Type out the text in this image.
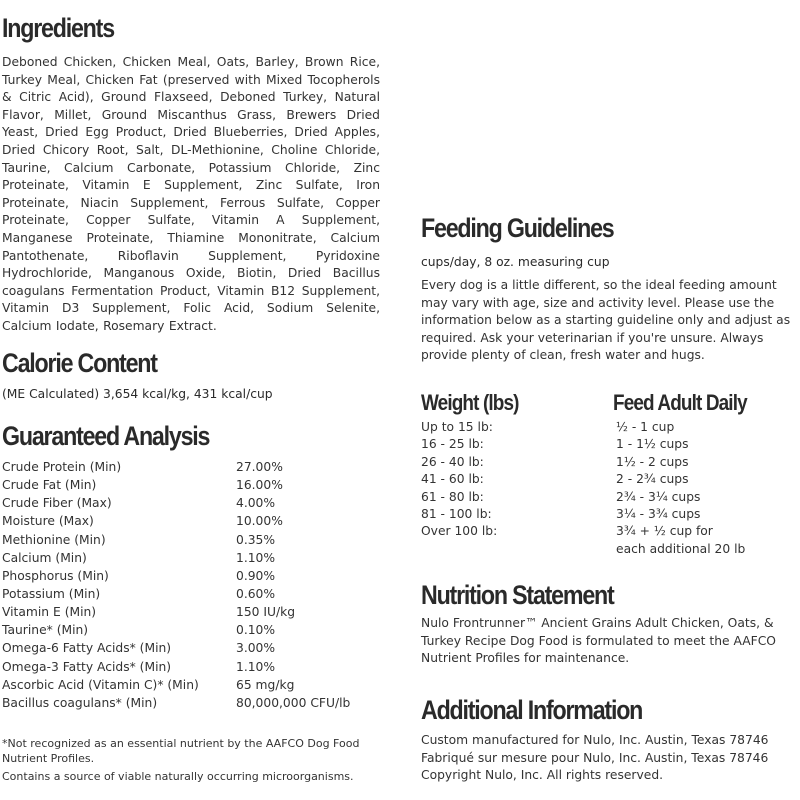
Ingredients
Deboned Chicken, Chicken Meal, Oats, Barley, Brown Rice, Turkey Meal, Chicken Fat (preserved with Mixed Tocopherols & Citric Acid), Ground Flaxseed, Deboned Turkey, Natural Flavor, Millet, Ground Miscanthus Grass, Brewers Dried Yeast, Dried Egg Product, Dried Blueberries, Dried Apples, Dried Chicory Root, Salt, DL-Methionine, Choline Chloride, Taurine, Calcium Carbonate, Potassium Chloride, Zinc Proteinate, Vitamin E Supplement, Zinc Sulfate, Iron Proteinate, Niacin Supplement, Ferrous Sulfate, Copper Proteinate, Copper Sulfate, Vitamin A Supplement, Manganese Proteinate, Thiamine Mononitrate, Calcium Pantothenate, Riboflavin Supplement, Pyridoxine Hydrochloride, Manganous Oxide, Biotin, Dried Bacillus coagulans Fermentation Product, Vitamin B12 Supplement, Vitamin D3 Supplement, Folic Acid, Sodium Selenite, Calcium Iodate, Rosemary Extract.
Calorie Content
(ME Calculated) 3,654 kcal/kg, 431 kcal/cup
Guaranteed Analysis
Crude Protein (Min)	27.00%
Crude Fat (Min)	16.00%
Crude Fiber (Max)	4.00%
Moisture (Max)	10.00%
Methionine (Min)	0.35%
Calcium (Min)	1.10%
Phosphorus (Min)	0.90%
Potassium (Min)	0.60%
Vitamin E (Min)	150 IU/kg
Taurine* (Min)	0.10%
Omega-6 Fatty Acids* (Min)	3.00%
Omega-3 Fatty Acids* (Min)	1.10%
Ascorbic Acid (Vitamin C)* (Min)	65 mg/kg
Bacillus coagulans* (Min)	80,000,000 CFU/lb
*Not recognized as an essential nutrient by the AAFCO Dog Food Nutrient Profiles.
Contains a source of viable naturally occurring microorganisms.
Feeding Guidelines
cups/day, 8 oz. measuring cup
Every dog is a little different, so the ideal feeding amount may vary with age, size and activity level. Please use the information below as a starting guideline only and adjust as required. Ask your veterinarian if you're unsure. Always provide plenty of clean, fresh water and hugs.
Weight (lbs)	Feed Adult Daily
Up to 15 lb:	½ - 1 cup
16 - 25 lb:	1 - 1½ cups
26 - 40 lb:	1½ - 2 cups
41 - 60 lb:	2 - 2¾ cups
61 - 80 lb:	2¾ - 3¼ cups
81 - 100 lb:	3¼ - 3¾ cups
Over 100 lb:	3¾ + ½ cup for
each additional 20 lb
Nutrition Statement
Nulo Frontrunner™ Ancient Grains Adult Chicken, Oats, & Turkey Recipe Dog Food is formulated to meet the AAFCO Nutrient Profiles for maintenance.
Additional Information
Custom manufactured for Nulo, Inc. Austin, Texas 78746
Fabriqué sur mesure pour Nulo, Inc. Austin, Texas 78746
Copyright Nulo, Inc. All rights reserved.
